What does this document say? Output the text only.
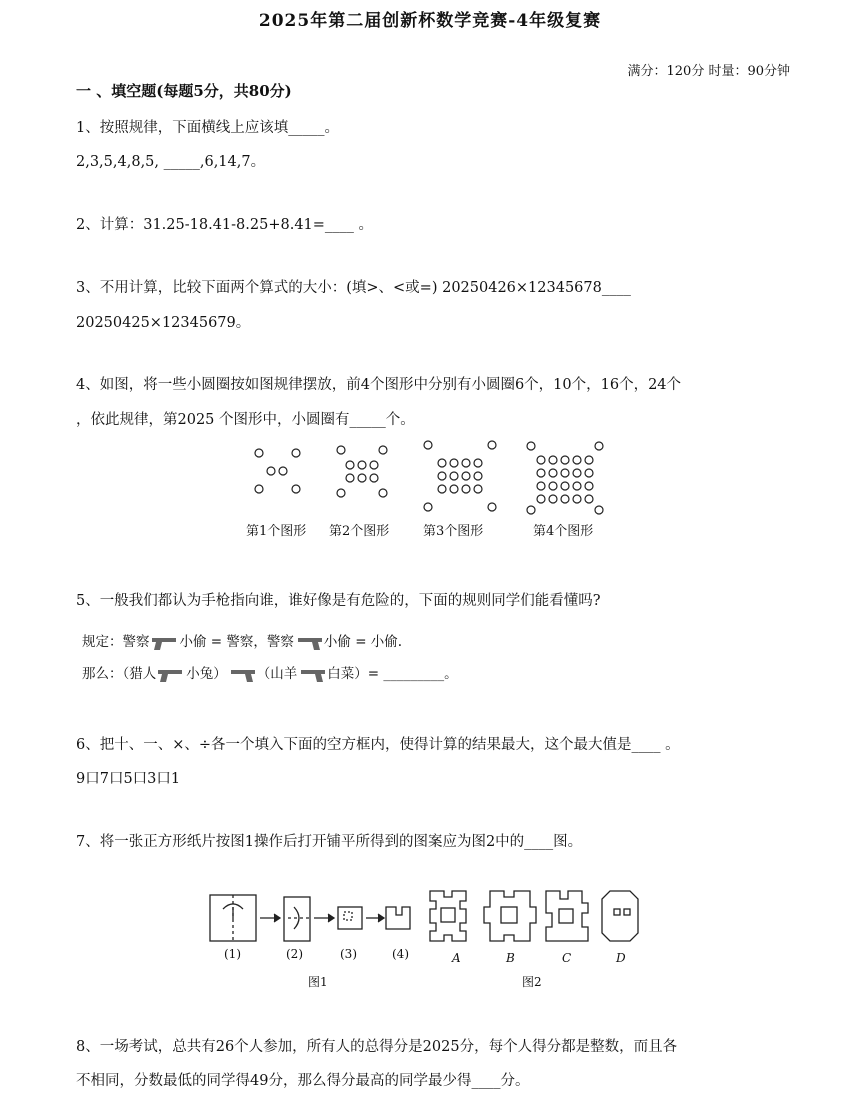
2025年第二届创新杯数学竞赛-4年级复赛
满分：120分 时量：90分钟
一 、填空题(每题5分，共80分)
1、按照规律，下面横线上应该填_____。
2,3,5,4,8,5, _____,6,14,7。
2、计算：31.25-18.41-8.25+8.41=____ 。
3、不用计算，比较下面两个算式的大小：(填>、<或=) 20250426×12345678____
20250425×12345679。
4、如图，将一些小圆圈按如图规律摆放，前4个图形中分别有小圆圈6个，10个，16个，24个
，依此规律，第2025 个图形中，小圆圈有_____个。
第1个图形 第2个图形	第3个图形	第4个图形
5、一般我们都认为手枪指向谁，谁好像是有危险的，下面的规则同学们能看懂吗?
规定：警察 小偷 = 警察，警察 小偷 = 小偷.
那么：（猎人 小兔） （山羊 白菜）= _________。
6、把十、一、×、÷各一个填入下面的空方框内，使得计算的结果最大，这个最大值是____ 。
9口7口5口3口1
7、将一张正方形纸片按图1操作后打开铺平所得到的图案应为图2中的____图。
(1)	(2)	(3)	(4)	A	B	C	D
图1	图2
8、一场考试，总共有26个人参加，所有人的总得分是2025分，每个人得分都是整数，而且各
不相同，分数最低的同学得49分，那么得分最高的同学最少得____分。
